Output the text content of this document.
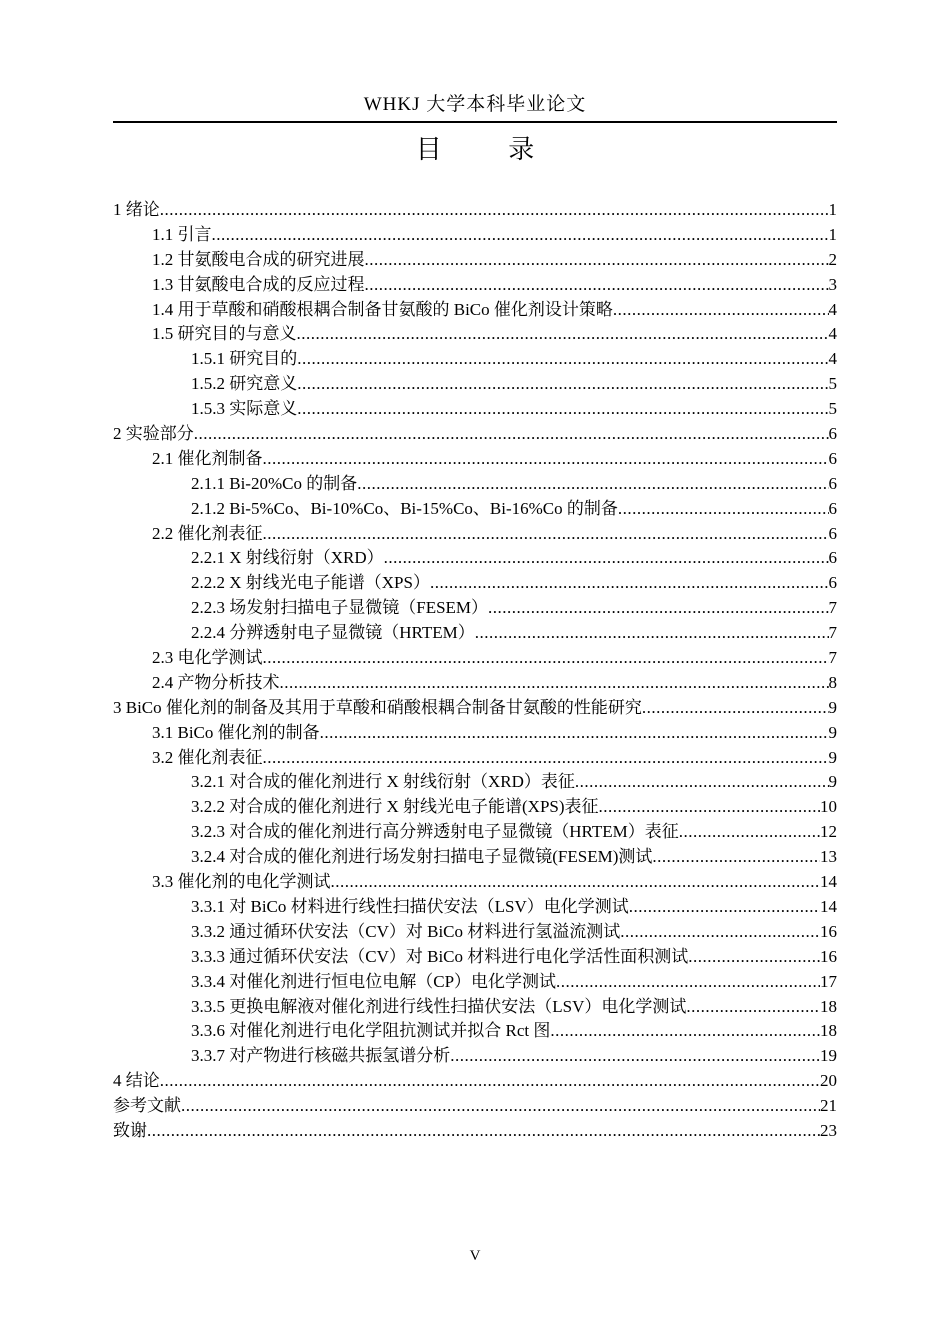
WHKJ 大学本科毕业论文
目 录
1 绪论 .....	1
1.1 引言 .....	1
1.2 甘氨酸电合成的研究进展 .....	2
1.3 甘氨酸电合成的反应过程 .....	3
1.4 用于草酸和硝酸根耦合制备甘氨酸的 BiCo 催化剂设计策略 .....	4
1.5 研究目的与意义 .....	4
1.5.1 研究目的 .....	4
1.5.2 研究意义 .....	5
1.5.3 实际意义 .....	5
2 实验部分 .....	6
2.1 催化剂制备 .....	6
2.1.1 Bi-20%Co 的制备 .....	6
2.1.2 Bi-5%Co、Bi-10%Co、Bi-15%Co、Bi-16%Co 的制备 .....	6
2.2 催化剂表征 .....	6
2.2.1 X 射线衍射（XRD） .....	6
2.2.2 X 射线光电子能谱（XPS） .....	6
2.2.3 场发射扫描电子显微镜（FESEM） .....	7
2.2.4 分辨透射电子显微镜（HRTEM） .....	7
2.3 电化学测试 .....	7
2.4 产物分析技术 .....	8
3 BiCo 催化剂的制备及其用于草酸和硝酸根耦合制备甘氨酸的性能研究 .....	9
3.1 BiCo 催化剂的制备 .....	9
3.2 催化剂表征 .....	9
3.2.1 对合成的催化剂进行 X 射线衍射（XRD）表征 .....	9
3.2.2 对合成的催化剂进行 X 射线光电子能谱(XPS)表征 .....	10
3.2.3 对合成的催化剂进行高分辨透射电子显微镜（HRTEM）表征 .....	12
3.2.4 对合成的催化剂进行场发射扫描电子显微镜(FESEM)测试 .....	13
3.3 催化剂的电化学测试 .....	14
3.3.1 对 BiCo 材料进行线性扫描伏安法（LSV）电化学测试 .....	14
3.3.2 通过循环伏安法（CV）对 BiCo 材料进行氢溢流测试 .....	16
3.3.3 通过循环伏安法（CV）对 BiCo 材料进行电化学活性面积测试 .....	16
3.3.4 对催化剂进行恒电位电解（CP）电化学测试 .....	17
3.3.5 更换电解液对催化剂进行线性扫描伏安法（LSV）电化学测试 .....	18
3.3.6 对催化剂进行电化学阻抗测试并拟合 Rct 图 .....	18
3.3.7 对产物进行核磁共振氢谱分析 .....	19
4 结论 .....	20
参考文献 .....	21
致谢 .....	23
V
